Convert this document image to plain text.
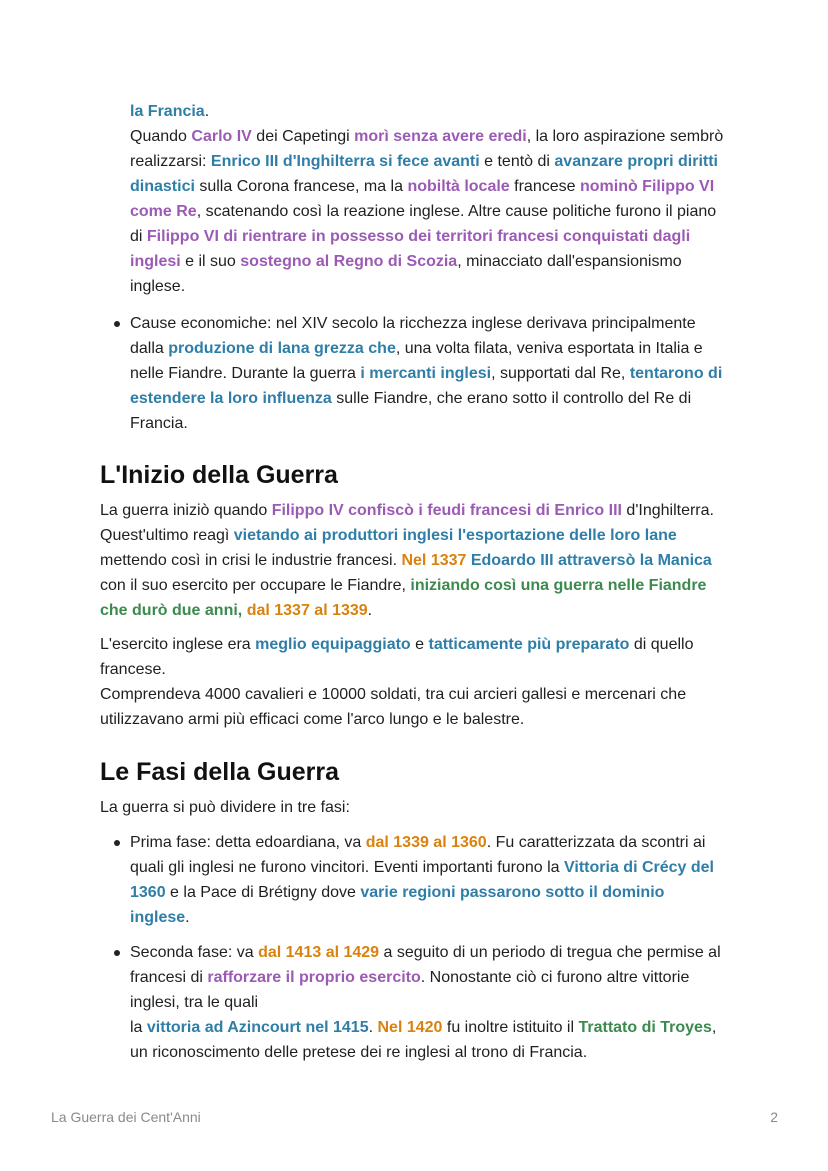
la Francia.
Quando Carlo IV dei Capetingi morì senza avere eredi, la loro aspirazione sembrò realizzarsi: Enrico III d'Inghilterra si fece avanti e tentò di avanzare propri diritti dinastici sulla Corona francese, ma la nobiltà locale francese nominò Filippo VI come Re, scatenando così la reazione inglese. Altre cause politiche furono il piano di Filippo VI di rientrare in possesso dei territori francesi conquistati dagli inglesi e il suo sostegno al Regno di Scozia, minacciato dall'espansionismo inglese.

Cause economiche: nel XIV secolo la ricchezza inglese derivava principalmente dalla produzione di lana grezza che, una volta filata, veniva esportata in Italia e nelle Fiandre. Durante la guerra i mercanti inglesi, supportati dal Re, tentarono di estendere la loro influenza sulle Fiandre, che erano sotto il controllo del Re di Francia.

L'Inizio della Guerra

La guerra iniziò quando Filippo IV confiscò i feudi francesi di Enrico III d'Inghilterra. Quest'ultimo reagì vietando ai produttori inglesi l'esportazione delle loro lane mettendo così in crisi le industrie francesi. Nel 1337 Edoardo III attraversò la Manica con il suo esercito per occupare le Fiandre, iniziando così una guerra nelle Fiandre che durò due anni, dal 1337 al 1339.

L'esercito inglese era meglio equipaggiato e tatticamente più preparato di quello francese.
Comprendeva 4000 cavalieri e 10000 soldati, tra cui arcieri gallesi e mercenari che utilizzavano armi più efficaci come l'arco lungo e le balestre.

Le Fasi della Guerra

La guerra si può dividere in tre fasi:

Prima fase: detta edoardiana, va dal 1339 al 1360. Fu caratterizzata da scontri ai quali gli inglesi ne furono vincitori. Eventi importanti furono la Vittoria di Crécy del 1360 e la Pace di Brétigny dove varie regioni passarono sotto il dominio inglese.

Seconda fase: va dal 1413 al 1429 a seguito di un periodo di tregua che permise al francesi di rafforzare il proprio esercito. Nonostante ciò ci furono altre vittorie inglesi, tra le quali
la vittoria ad Azincourt nel 1415. Nel 1420 fu inoltre istituito il Trattato di Troyes, un riconoscimento delle pretese dei re inglesi al trono di Francia.

La Guerra dei Cent'Anni	2
